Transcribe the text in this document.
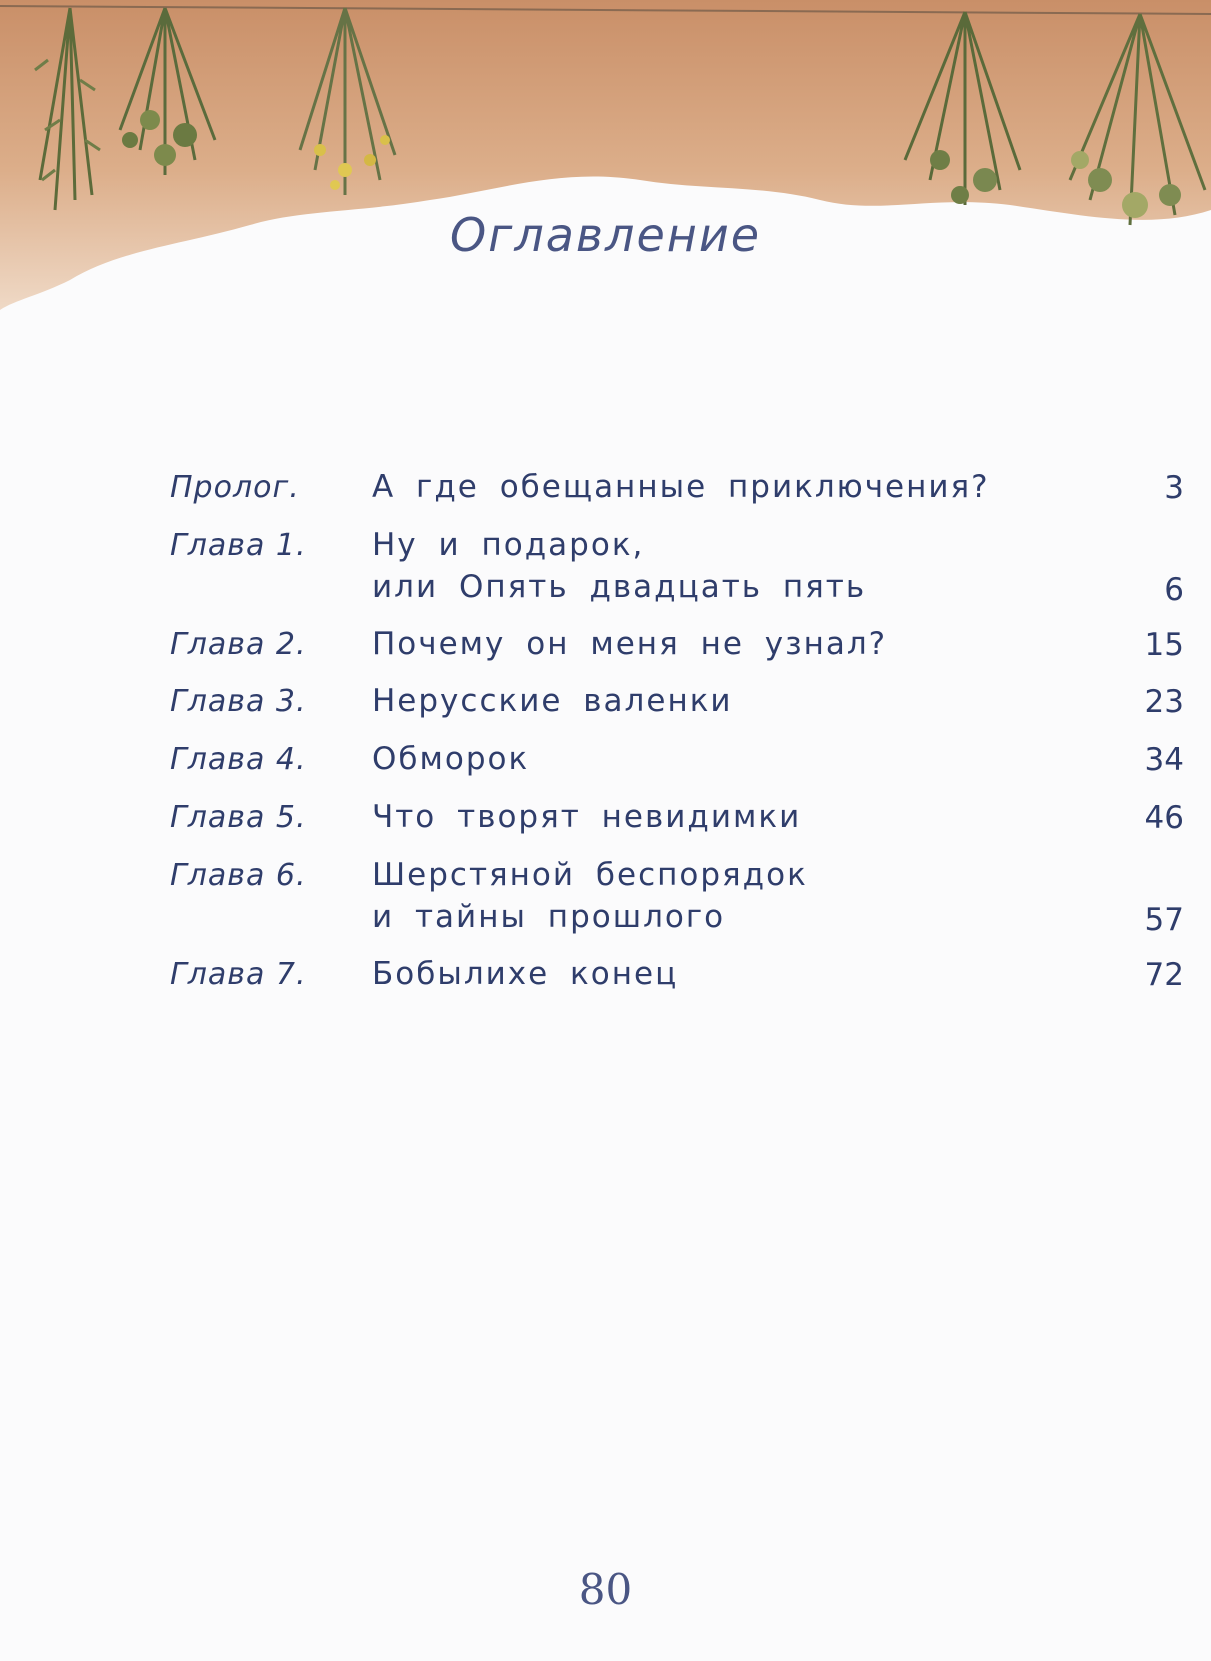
Оглавление
Пролог. А где обещанные приключения?	3
Глава 1. Ну и подарок,
или Опять двадцать пять	6
Глава 2. Почему он меня не узнал?	15
Глава 3. Нерусские валенки	23
Глава 4. Обморок	34
Глава 5. Что творят невидимки	46
Глава 6. Шерстяной беспорядок
и тайны прошлого	57
Глава 7. Бобылихе конец	72
80
